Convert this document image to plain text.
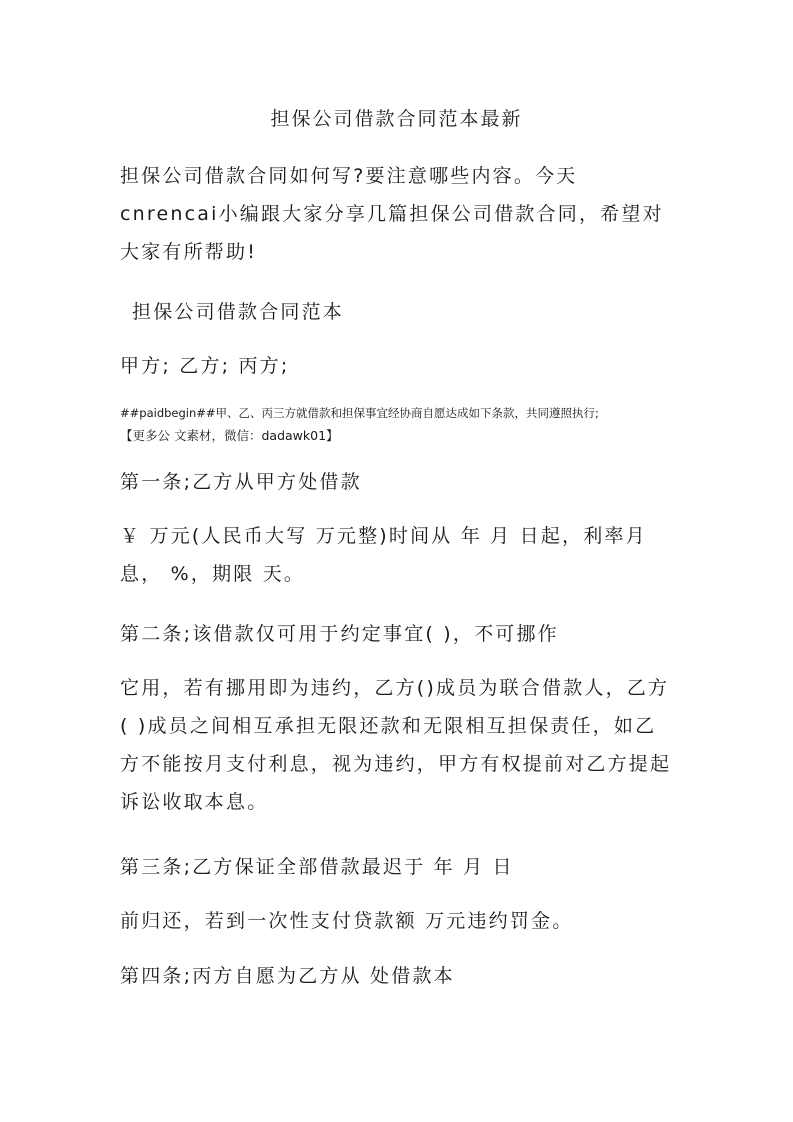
担保公司借款合同范本最新

担保公司借款合同如何写?要注意哪些内容。今天 cnrencai小编跟大家分享几篇担保公司借款合同，希望对大家有所帮助!

担保公司借款合同范本

甲方; 乙方; 丙方;

##paidbegin##甲、乙、丙三方就借款和担保事宜经协商自愿达成如下条款，共同遵照执行;
【更多公 文素材，微信：dadawk01】

第一条;乙方从甲方处借款

￥ 万元(人民币大写 万元整)时间从 年 月 日起，利率月息， %，期限 天。

第二条;该借款仅可用于约定事宜( )，不可挪作

它用，若有挪用即为违约，乙方()成员为联合借款人，乙方( )成员之间相互承担无限还款和无限相互担保责任，如乙方不能按月支付利息，视为违约，甲方有权提前对乙方提起诉讼收取本息。

第三条;乙方保证全部借款最迟于 年 月 日

前归还，若到一次性支付贷款额 万元违约罚金。

第四条;丙方自愿为乙方从 处借款本
